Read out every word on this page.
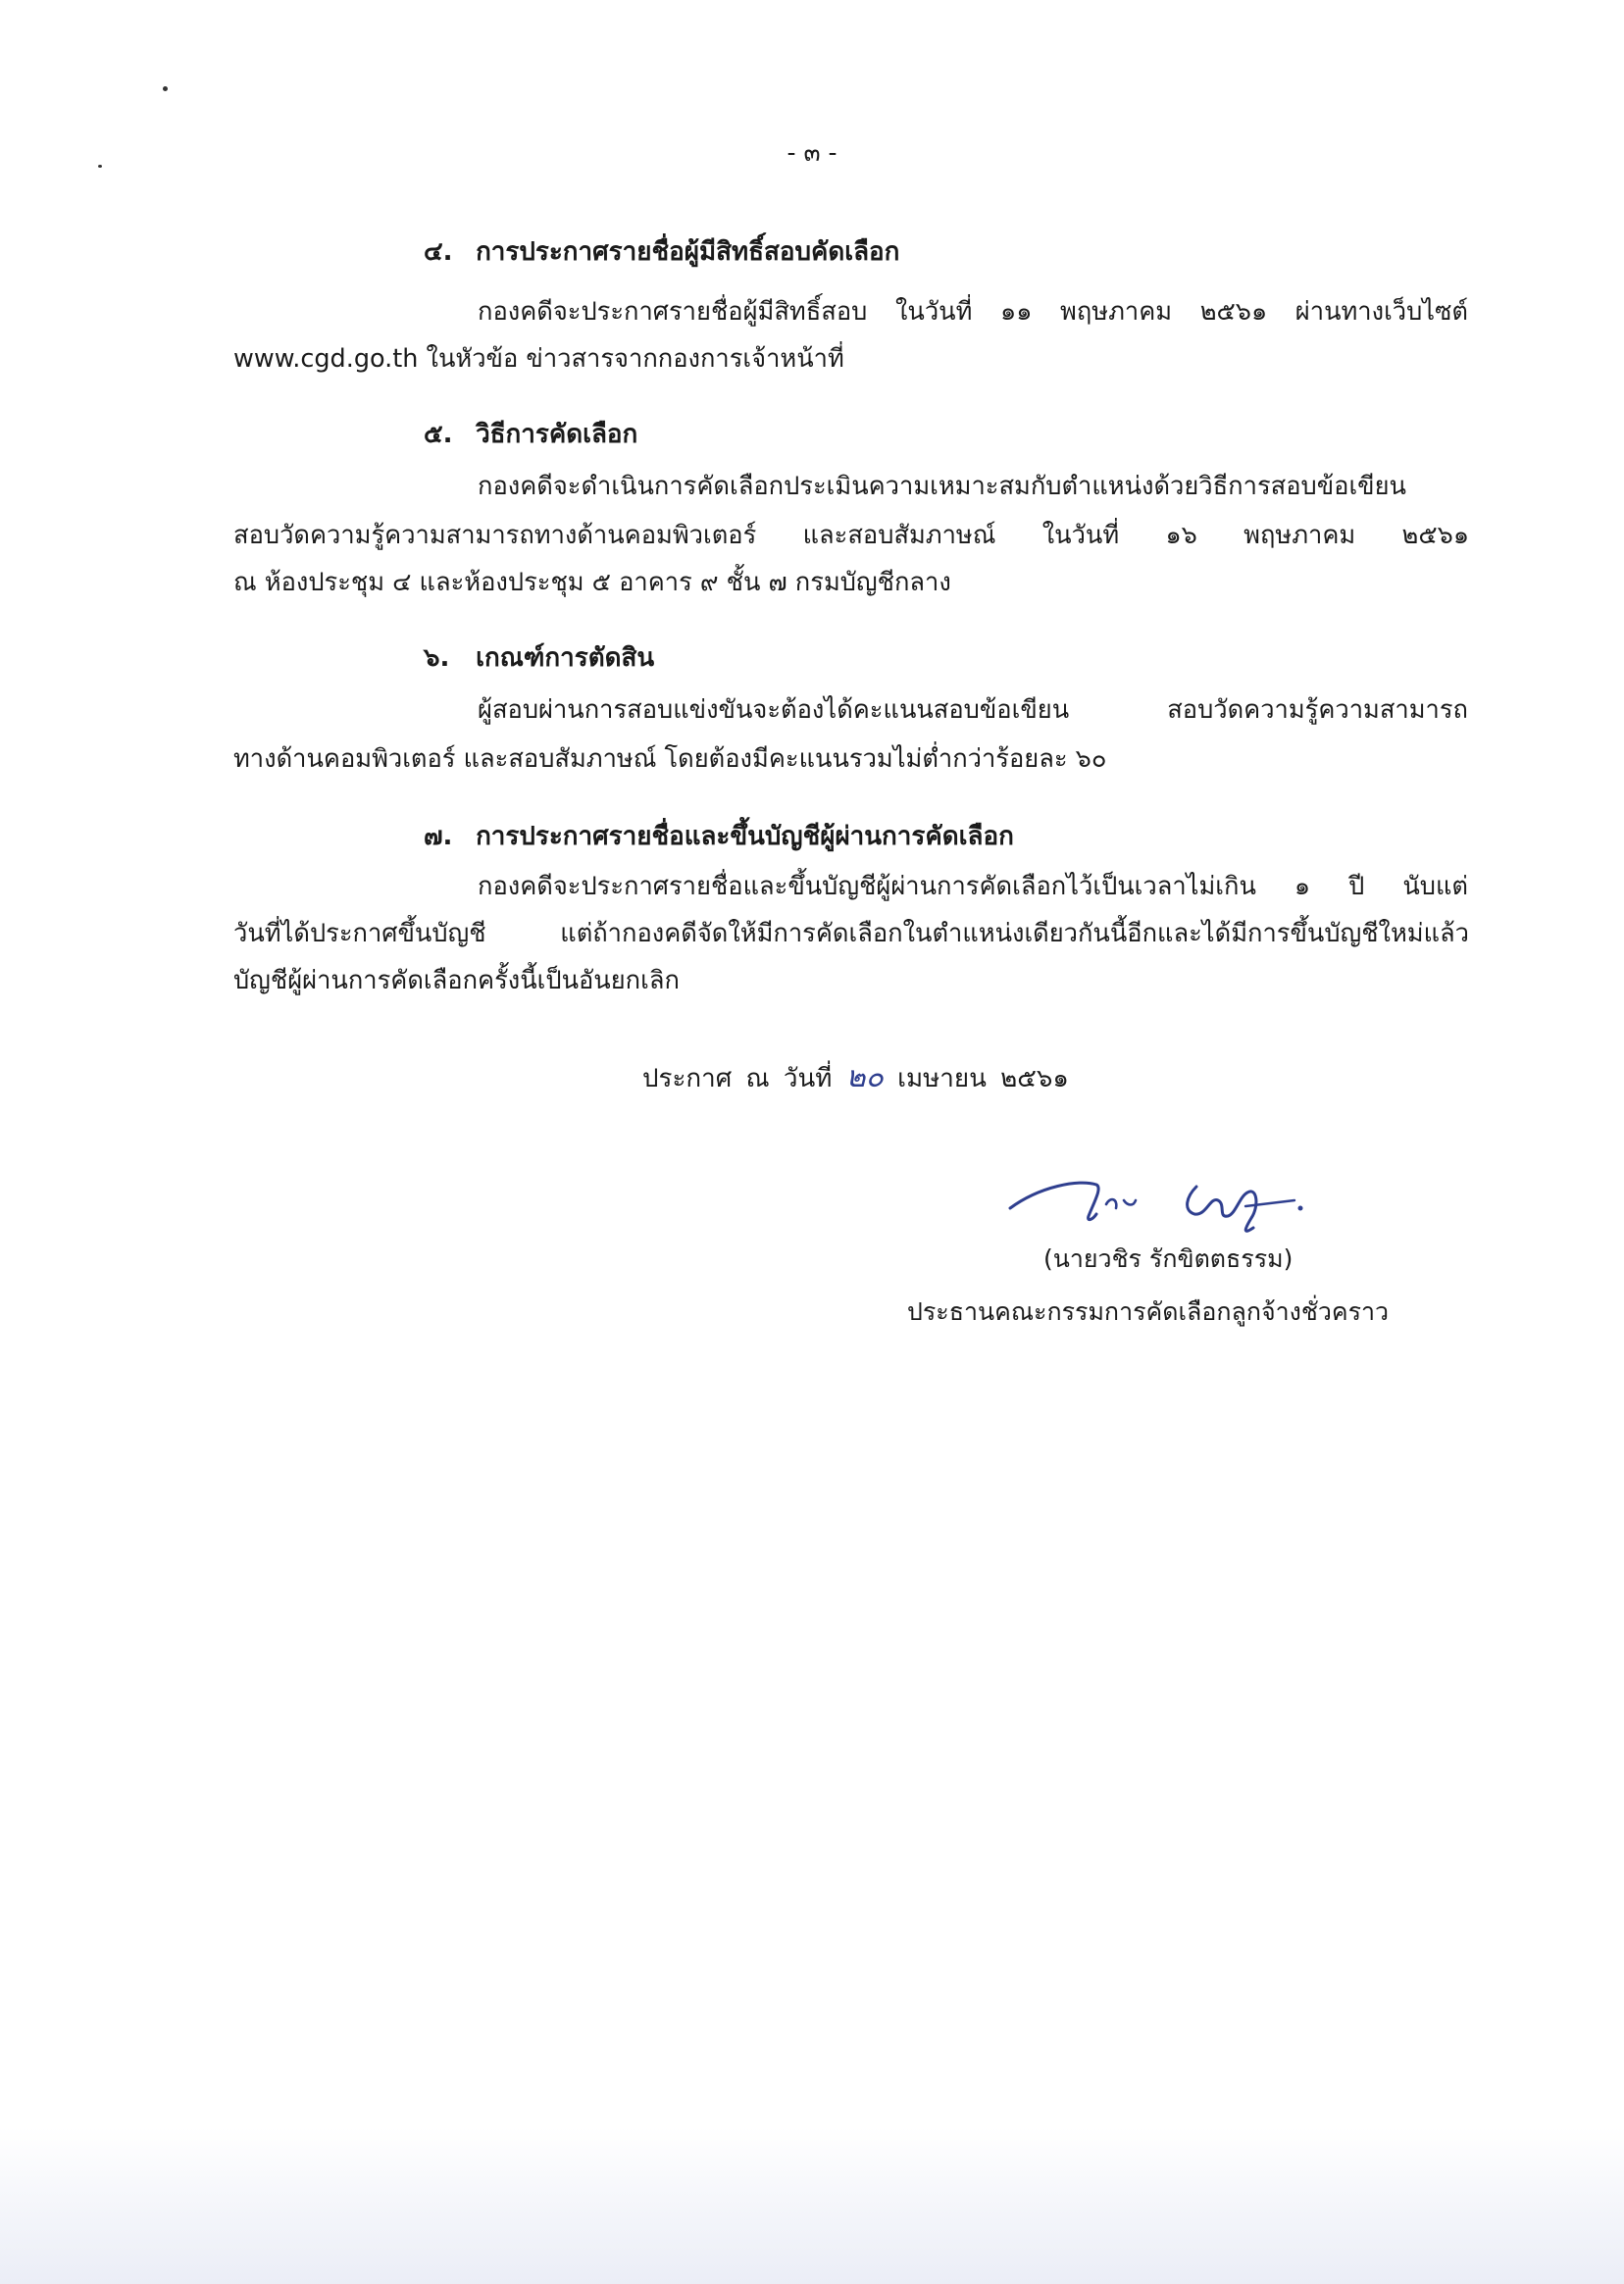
- ๓ -
๔. การประกาศรายชื่อผู้มีสิทธิ์สอบคัดเลือก
กองคดีจะประกาศรายชื่อผู้มีสิทธิ์สอบ ในวันที่ ๑๑ พฤษภาคม ๒๕๖๑ ผ่านทางเว็บไซต์
www.cgd.go.th ในหัวข้อ ข่าวสารจากกองการเจ้าหน้าที่
๕. วิธีการคัดเลือก
กองคดีจะดำเนินการคัดเลือกประเมินความเหมาะสมกับตำแหน่งด้วยวิธีการสอบข้อเขียน
สอบวัดความรู้ความสามารถทางด้านคอมพิวเตอร์ และสอบสัมภาษณ์ ในวันที่ ๑๖ พฤษภาคม ๒๕๖๑
ณ ห้องประชุม ๔ และห้องประชุม ๕ อาคาร ๙ ชั้น ๗ กรมบัญชีกลาง
๖. เกณฑ์การตัดสิน
ผู้สอบผ่านการสอบแข่งขันจะต้องได้คะแนนสอบข้อเขียน สอบวัดความรู้ความสามารถ
ทางด้านคอมพิวเตอร์ และสอบสัมภาษณ์ โดยต้องมีคะแนนรวมไม่ต่ำกว่าร้อยละ ๖๐
๗. การประกาศรายชื่อและขึ้นบัญชีผู้ผ่านการคัดเลือก
กองคดีจะประกาศรายชื่อและขึ้นบัญชีผู้ผ่านการคัดเลือกไว้เป็นเวลาไม่เกิน ๑ ปี นับแต่
วันที่ได้ประกาศขึ้นบัญชี แต่ถ้ากองคดีจัดให้มีการคัดเลือกในตำแหน่งเดียวกันนี้อีกและได้มีการขึ้นบัญชีใหม่แล้ว
บัญชีผู้ผ่านการคัดเลือกครั้งนี้เป็นอันยกเลิก
ประกาศ ณ วันที่ ๒๐ เมษายน ๒๕๖๑
(นายวชิร รักขิตตธรรม)
ประธานคณะกรรมการคัดเลือกลูกจ้างชั่วคราว
